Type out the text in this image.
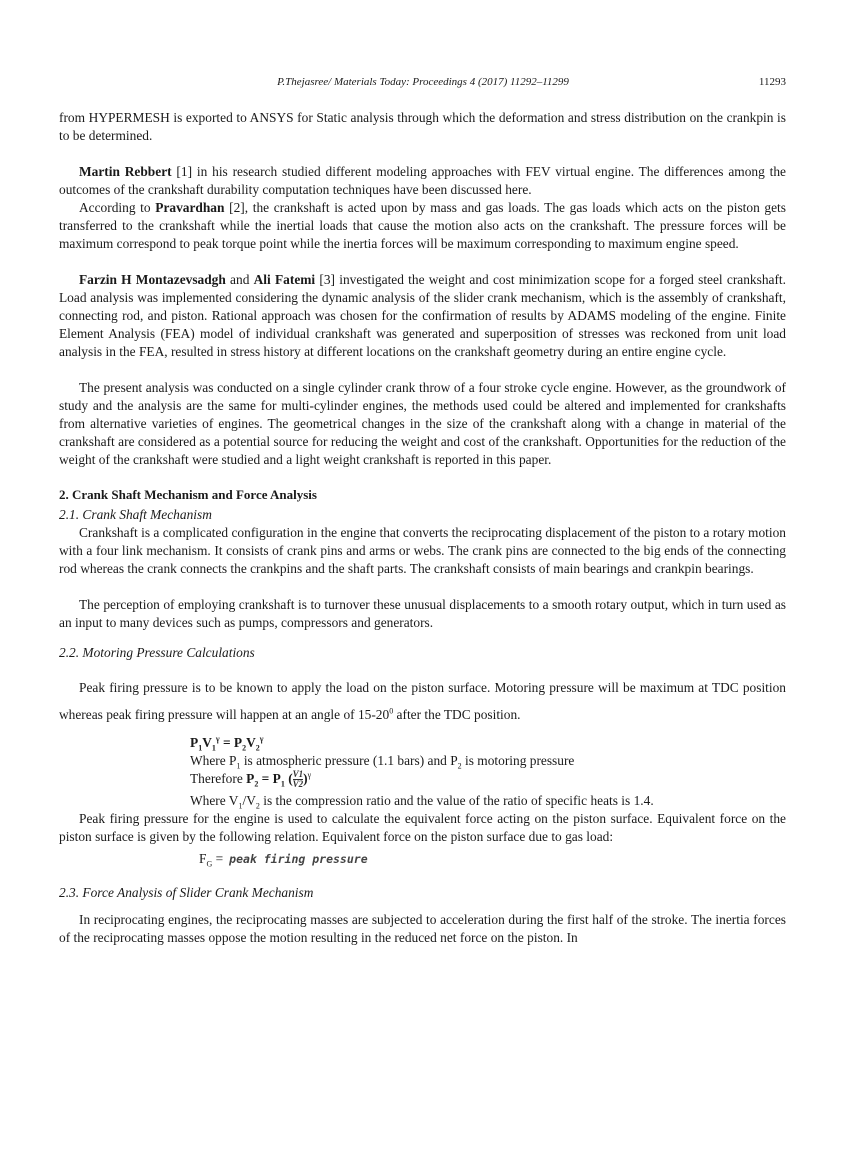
P.Thejasree/ Materials Today: Proceedings 4 (2017) 11292–11299	11293

from HYPERMESH is exported to ANSYS for Static analysis through which the deformation and stress distribution on the crankpin is to be determined.

Martin Rebbert [1] in his research studied different modeling approaches with FEV virtual engine. The differences among the outcomes of the crankshaft durability computation techniques have been discussed here.

According to Pravardhan [2], the crankshaft is acted upon by mass and gas loads. The gas loads which acts on the piston gets transferred to the crankshaft while the inertial loads that cause the motion also acts on the crankshaft. The pressure forces will be maximum correspond to peak torque point while the inertia forces will be maximum corresponding to maximum engine speed.

Farzin H Montazevsadgh and Ali Fatemi [3] investigated the weight and cost minimization scope for a forged steel crankshaft. Load analysis was implemented considering the dynamic analysis of the slider crank mechanism, which is the assembly of crankshaft, connecting rod, and piston. Rational approach was chosen for the confirmation of results by ADAMS modeling of the engine. Finite Element Analysis (FEA) model of individual crankshaft was generated and superposition of stresses was reckoned from unit load analysis in the FEA, resulted in stress history at different locations on the crankshaft geometry during an entire engine cycle.

The present analysis was conducted on a single cylinder crank throw of a four stroke cycle engine. However, as the groundwork of study and the analysis are the same for multi-cylinder engines, the methods used could be altered and implemented for crankshafts from alternative varieties of engines. The geometrical changes in the size of the crankshaft along with a change in material of the crankshaft are considered as a potential source for reducing the weight and cost of the crankshaft. Opportunities for the reduction of the weight of the crankshaft were studied and a light weight crankshaft is reported in this paper.

2. Crank Shaft Mechanism and Force Analysis
2.1. Crank Shaft Mechanism

Crankshaft is a complicated configuration in the engine that converts the reciprocating displacement of the piston to a rotary motion with a four link mechanism. It consists of crank pins and arms or webs. The crank pins are connected to the big ends of the connecting rod whereas the crank connects the crankpins and the shaft parts. The crankshaft consists of main bearings and crankpin bearings.

The perception of employing crankshaft is to turnover these unusual displacements to a smooth rotary output, which in turn used as an input to many devices such as pumps, compressors and generators.

2.2. Motoring Pressure Calculations

Peak firing pressure is to be known to apply the load on the piston surface. Motoring pressure will be maximum at TDC position whereas peak firing pressure will happen at an angle of $15-20^0$ after the TDC position.

$P_1V_1^\gamma = P_2V_2^\gamma$
Where $P_1$ is atmospheric pressure (1.1 bars) and $P_2$ is motoring pressure
Therefore $P_2 = P_1$ $(\frac{V1}{V2} )^\gamma$
Where $V_1/V_2$ is the compression ratio and the value of the ratio of specific heats is 1.4.

Peak firing pressure for the engine is used to calculate the equivalent force acting on the piston surface. Equivalent force on the piston surface is given by the following relation. Equivalent force on the piston surface due to gas load:

$F_G$ = peak firing pressure
2.3. Force Analysis of Slider Crank Mechanism

In reciprocating engines, the reciprocating masses are subjected to acceleration during the first half of the stroke. The inertia forces of the reciprocating masses oppose the motion resulting in the reduced net force on the piston. In
